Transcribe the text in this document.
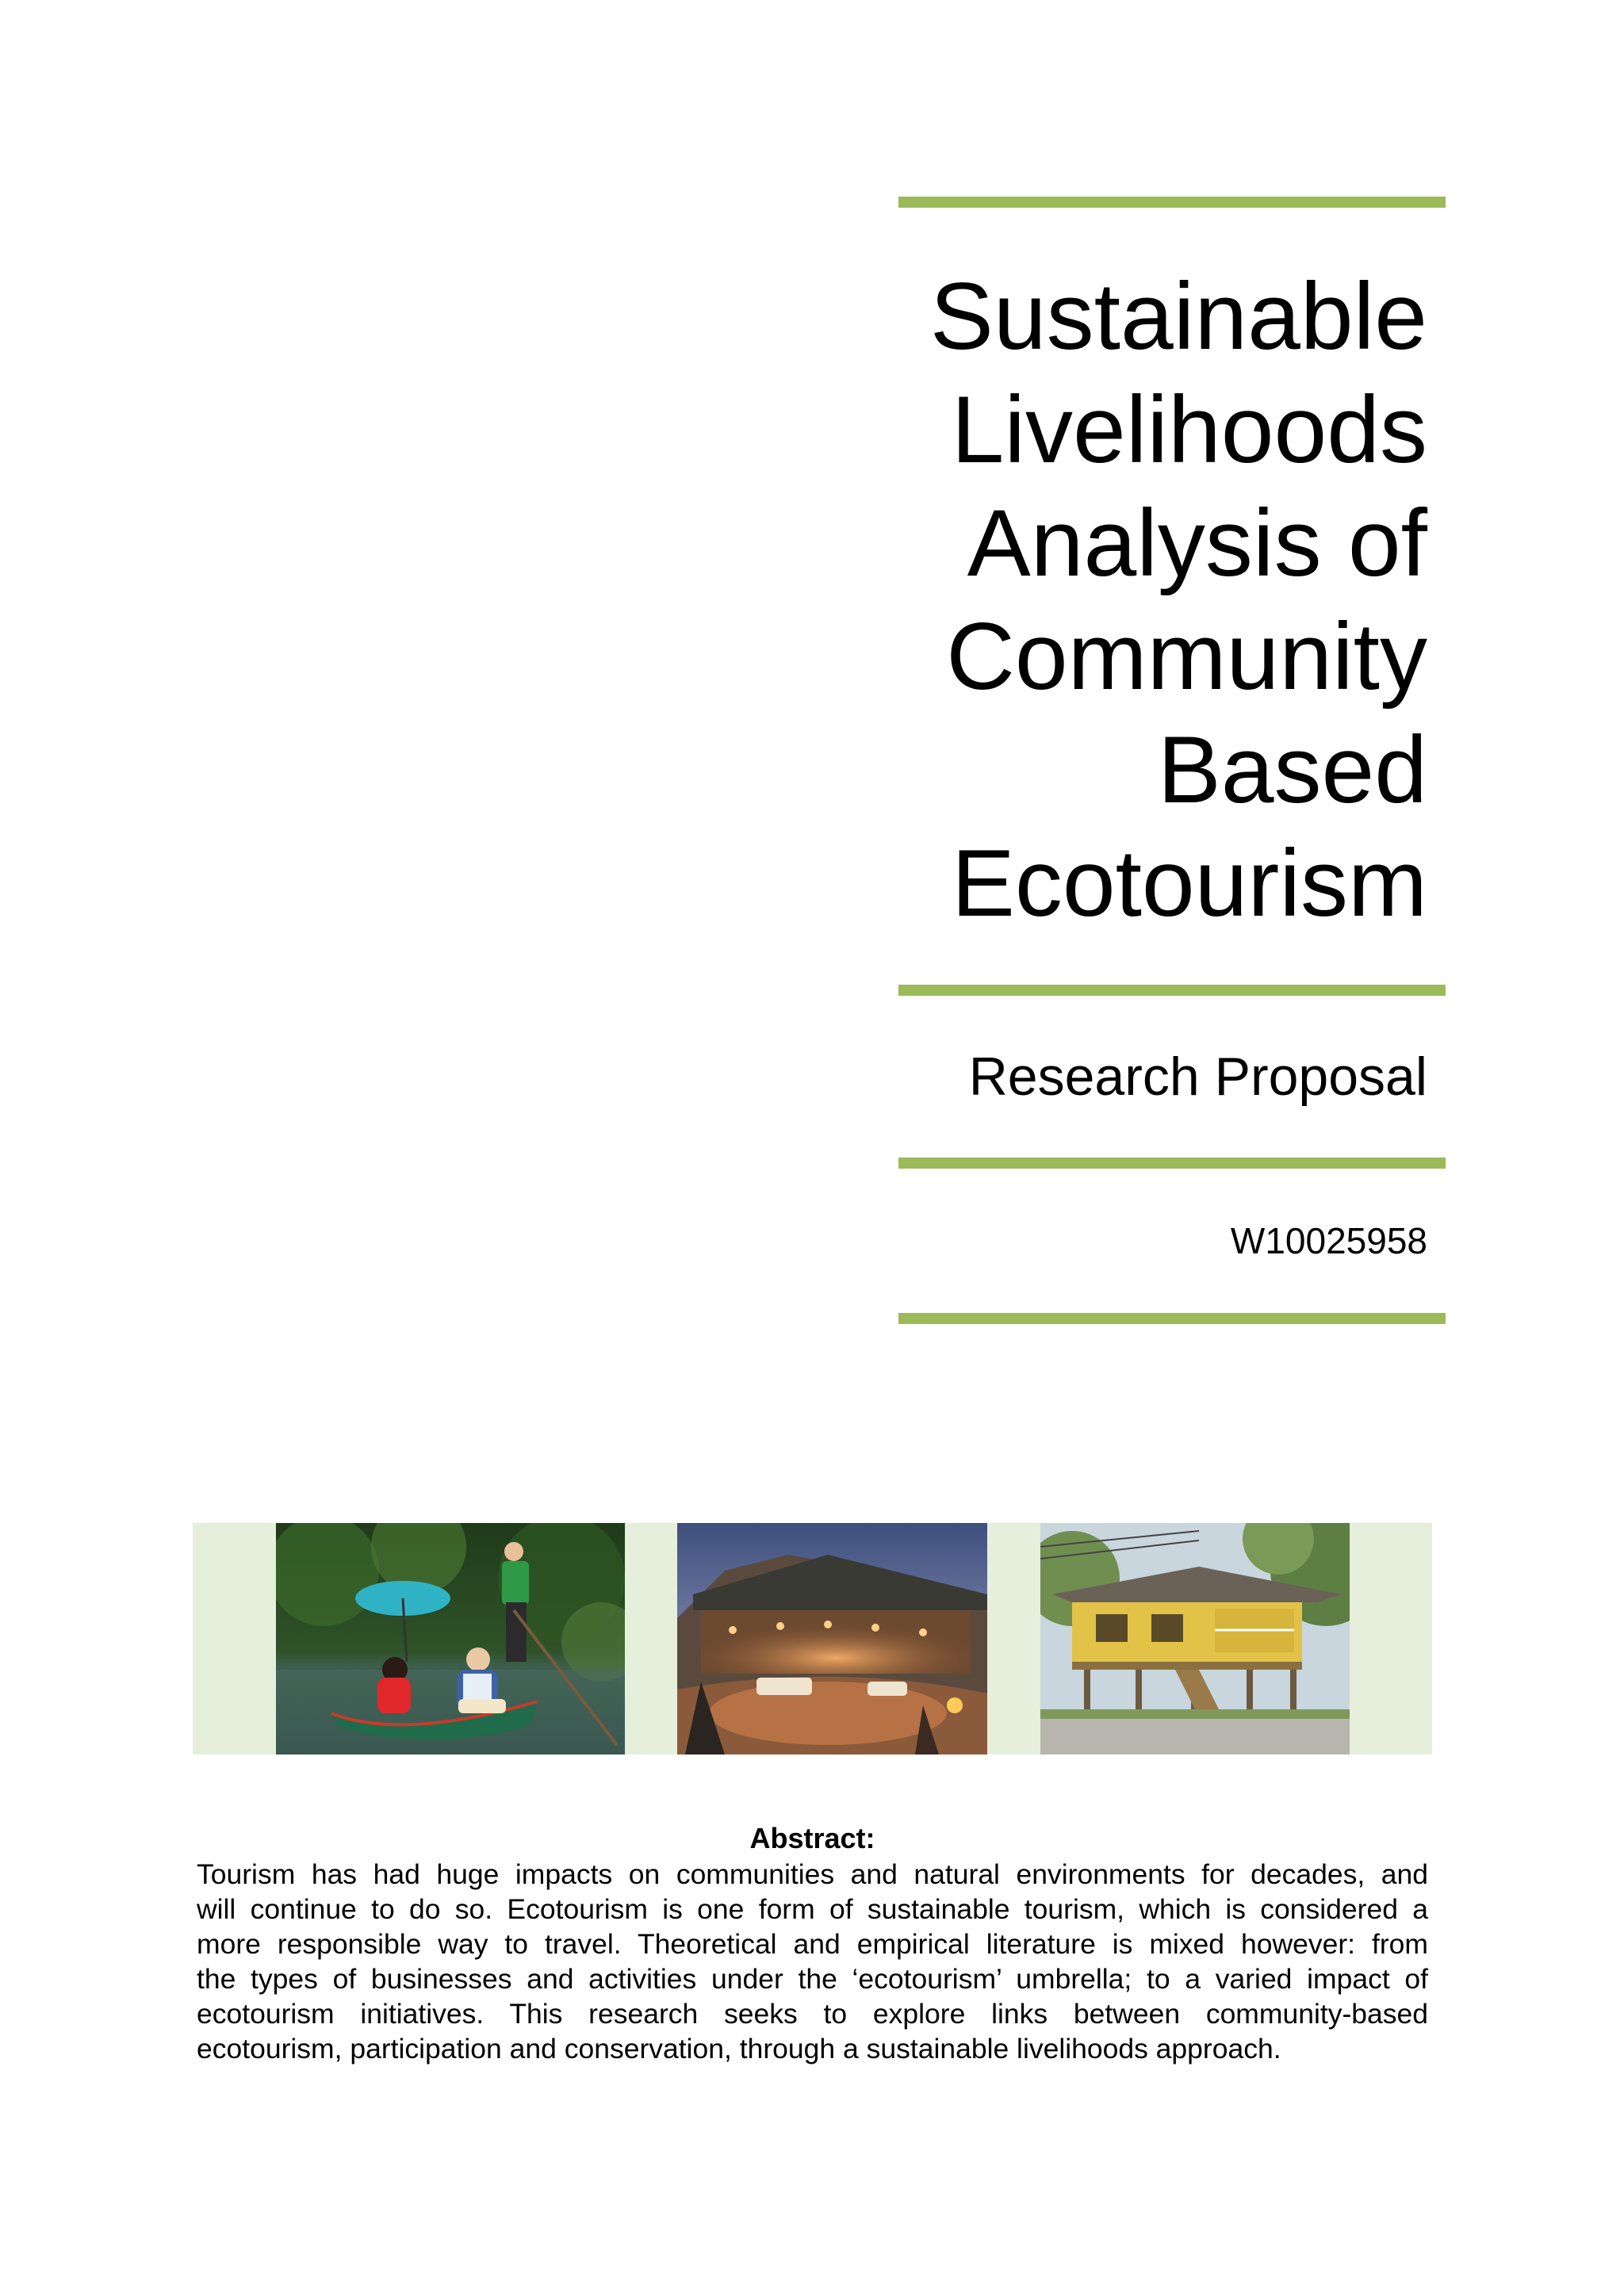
Sustainable
Livelihoods
Analysis of
Community
Based
Ecotourism
Research Proposal
W10025958
Abstract:
Tourism has had huge impacts on communities and natural environments for decades, and
will continue to do so. Ecotourism is one form of sustainable tourism, which is considered a
more responsible way to travel. Theoretical and empirical literature is mixed however: from
the types of businesses and activities under the ‘ecotourism’ umbrella; to a varied impact of
ecotourism initiatives. This research seeks to explore links between community-based
ecotourism, participation and conservation, through a sustainable livelihoods approach.
